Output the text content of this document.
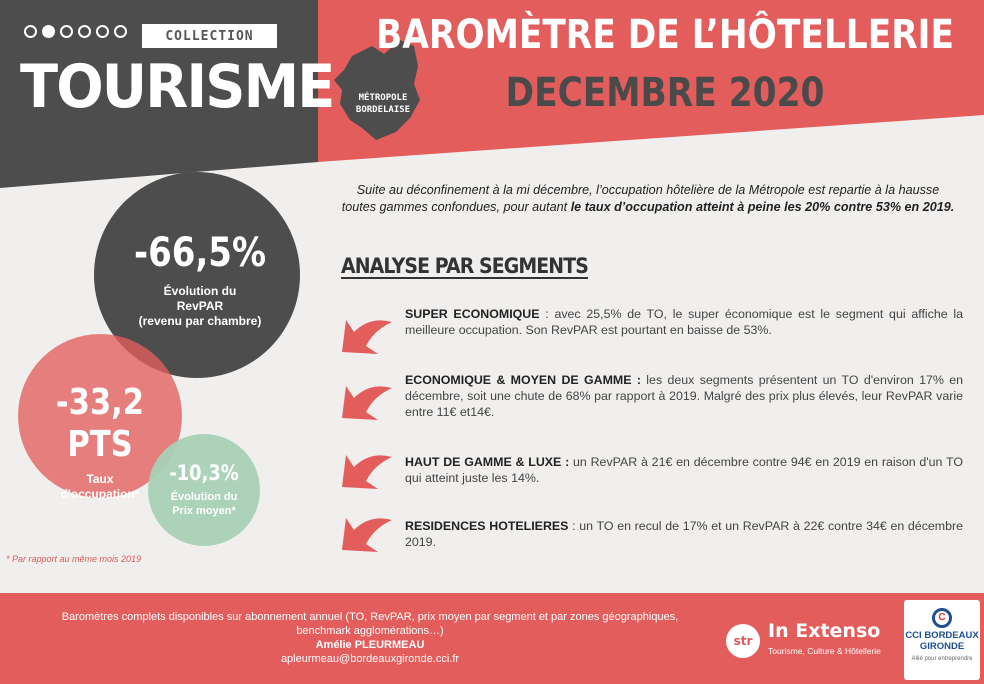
COLLECTION
TOURISME	MÉTROPOLE
BORDELAISE
BAROMÈTRE DE L’HÔTELLERIE
DECEMBRE 2020
Suite au déconfinement à la mi décembre, l’occupation hôtelière de la Métropole est repartie à la hausse toutes gammes confondues, pour autant le taux d’occupation atteint à peine les 20% contre 53% en 2019.
-66,5%
Évolution du
RevPAR
(revenu par chambre)
-33,2 PTS
Taux
d'occupation*
-10,3%
Évolution du
Prix moyen*
* Par rapport au même mois 2019
ANALYSE PAR SEGMENTS
SUPER ECONOMIQUE : avec 25,5% de TO, le super économique est le segment qui affiche la meilleure occupation. Son RevPAR est pourtant en baisse de 53%.
ECONOMIQUE & MOYEN DE GAMME : les deux segments présentent un TO d'environ 17% en décembre, soit une chute de 68% par rapport à 2019. Malgré des prix plus élevés, leur RevPAR varie entre 11€ et14€.
HAUT DE GAMME & LUXE : un RevPAR à 21€ en décembre contre 94€ en 2019 en raison d'un TO qui atteint juste les 14%.
RESIDENCES HOTELIERES : un TO en recul de 17% et un RevPAR à 22€ contre 34€ en décembre 2019.
Baromètres complets disponibles sur abonnement annuel (TO, RevPAR, prix moyen par segment et par zones géographiques,
benchmark agglomérations…)
Amélie PLEURMEAU
apleurmeau@bordeauxgironde.cci.fr
str In Extenso
Tourisme, Culture & Hôtellerie
C
CCI BORDEAUX
GIRONDE
Allié pour entreprendre
